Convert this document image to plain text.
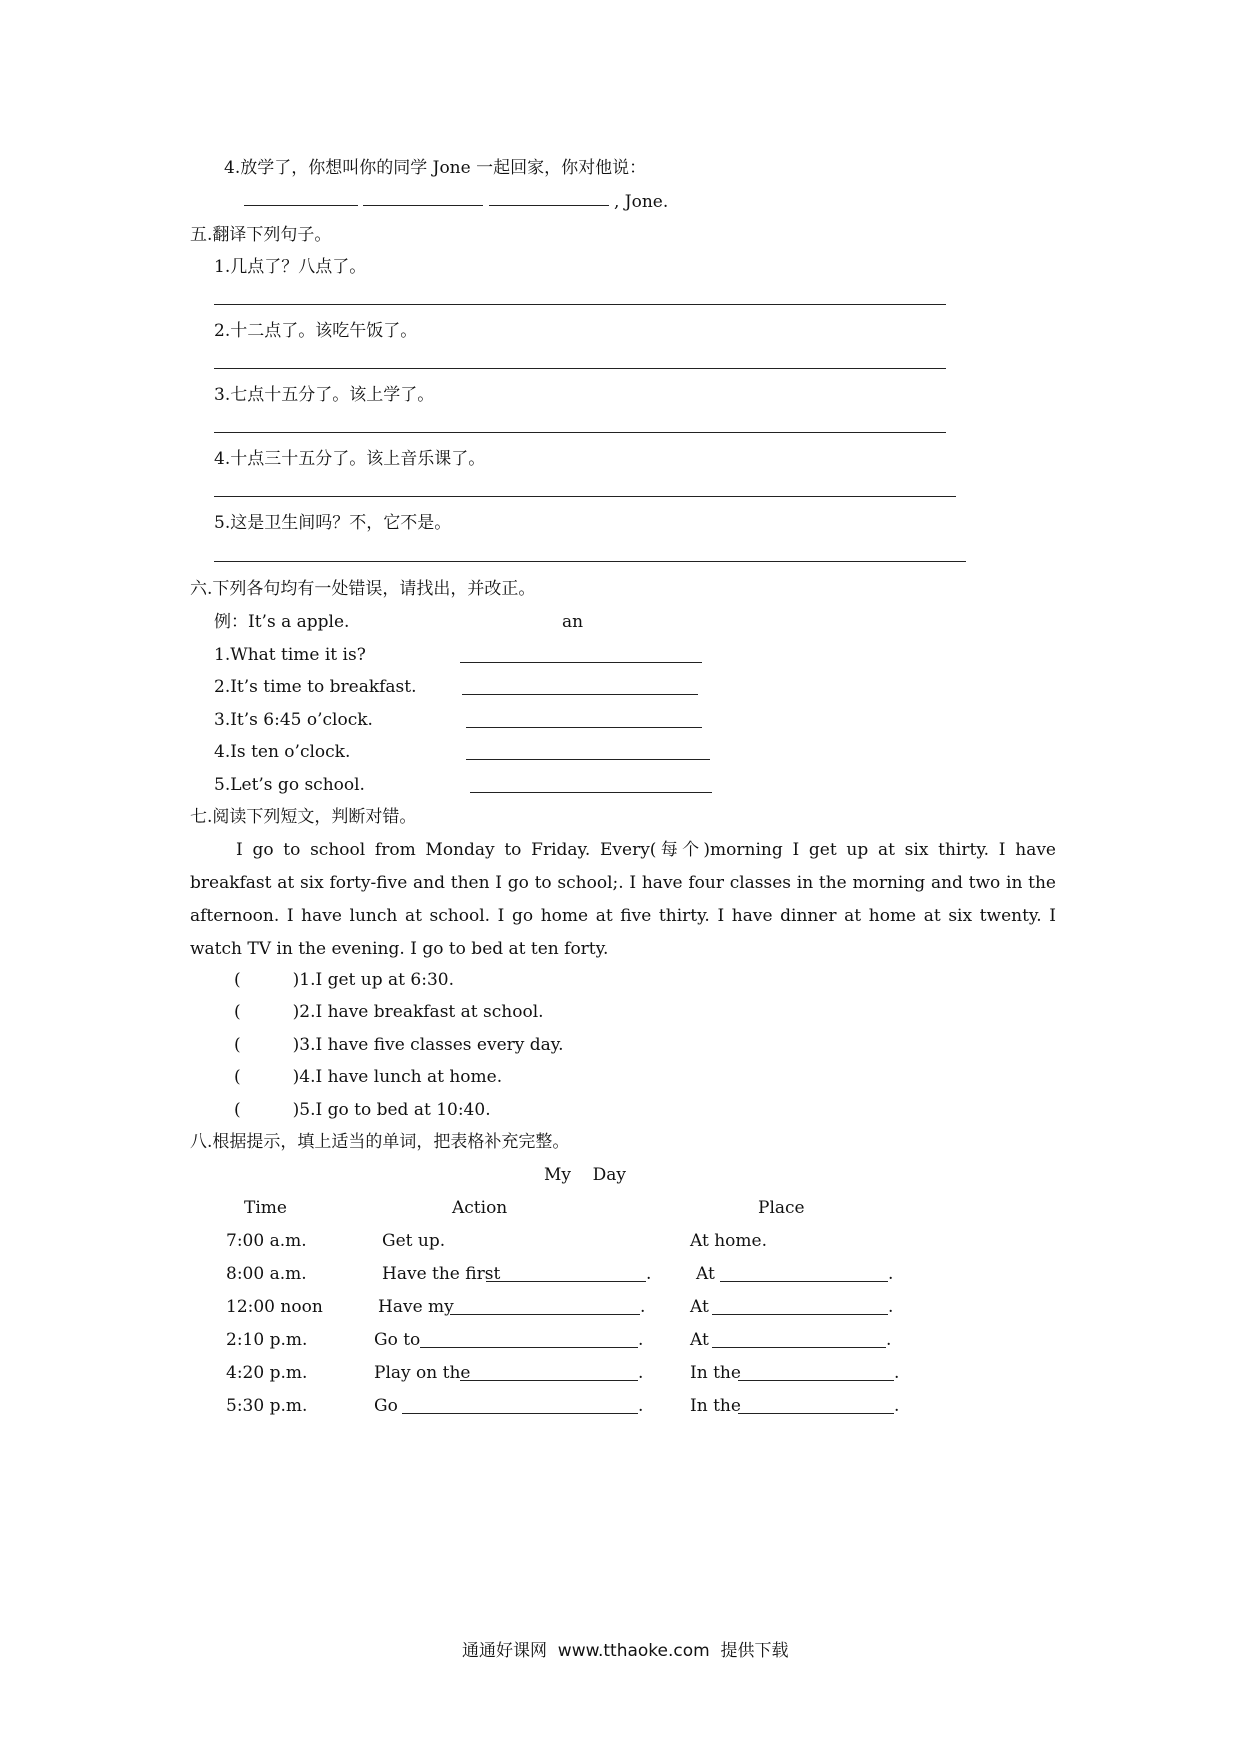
4.放学了，你想叫你的同学 Jone 一起回家，你对他说：
, Jone.
五.翻译下列句子。
1.几点了？八点了。
2.十二点了。该吃午饭了。
3.七点十五分了。该上学了。
4.十点三十五分了。该上音乐课了。
5.这是卫生间吗？不，它不是。
六.下列各句均有一处错误，请找出，并改正。
例：It’s a apple.	an
1.What time it is?
2.It’s time to breakfast.
3.It’s 6:45 o’clock.
4.Is ten o’clock.
5.Let’s go school.
七.阅读下列短文，判断对错。
I go to school from Monday to Friday. Every(每个)morning I get up at six thirty. I have breakfast at six forty-five and then I go to school;. I have four classes in the morning and two in the afternoon. I have lunch at school. I go home at five thirty. I have dinner at home at six twenty. I watch TV in the evening. I go to bed at ten forty.
(	)1.I get up at 6:30.
(	)2.I have breakfast at school.
(	)3.I have five classes every day.
(	)4.I have lunch at home.
(	)5.I go to bed at 10:40.
八.根据提示，填上适当的单词，把表格补充完整。
My    Day
Time	Action	Place
7:00 a.m.	Get up.	At home.
8:00 a.m.	Have the first	.	At	.
12:00 noon	Have my	.	At	.
2:10 p.m.	Go to	.	At	.
4:20 p.m.	Play on the	.	In the	.
5:30 p.m.	Go	.	In the	.
通通好课网  www.tthaoke.com  提供下载
